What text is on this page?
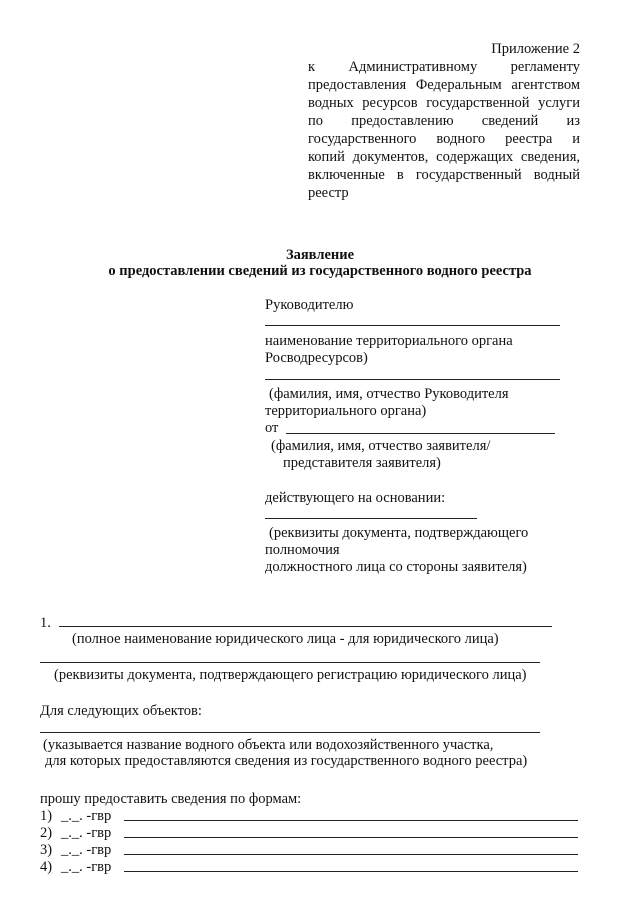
Приложение 2
к Административному регламенту
предоставления Федеральным агентством
водных ресурсов государственной услуги
по предоставлению сведений из
государственного водного реестра и
копий документов, содержащих сведения,
включенные в государственный водный
реестр
Заявление
о предоставлении сведений из государственного водного реестра
Руководителю
наименование территориального органа
Росводресурсов)
(фамилия, имя, отчество Руководителя
территориального органа)
от
(фамилия, имя, отчество заявителя/
представителя заявителя)
действующего на основании:
(реквизиты документа, подтверждающего
полномочия
должностного лица со стороны заявителя)
1.
(полное наименование юридического лица - для юридического лица)
(реквизиты документа, подтверждающего регистрацию юридического лица)
Для следующих объектов:
(указывается название водного объекта или водохозяйственного участка,
для которых предоставляются сведения из государственного водного реестра)
прошу предоставить сведения по формам:
1) _._. -гвр
2) _._. -гвр
3) _._. -гвр
4) _._. -гвр
